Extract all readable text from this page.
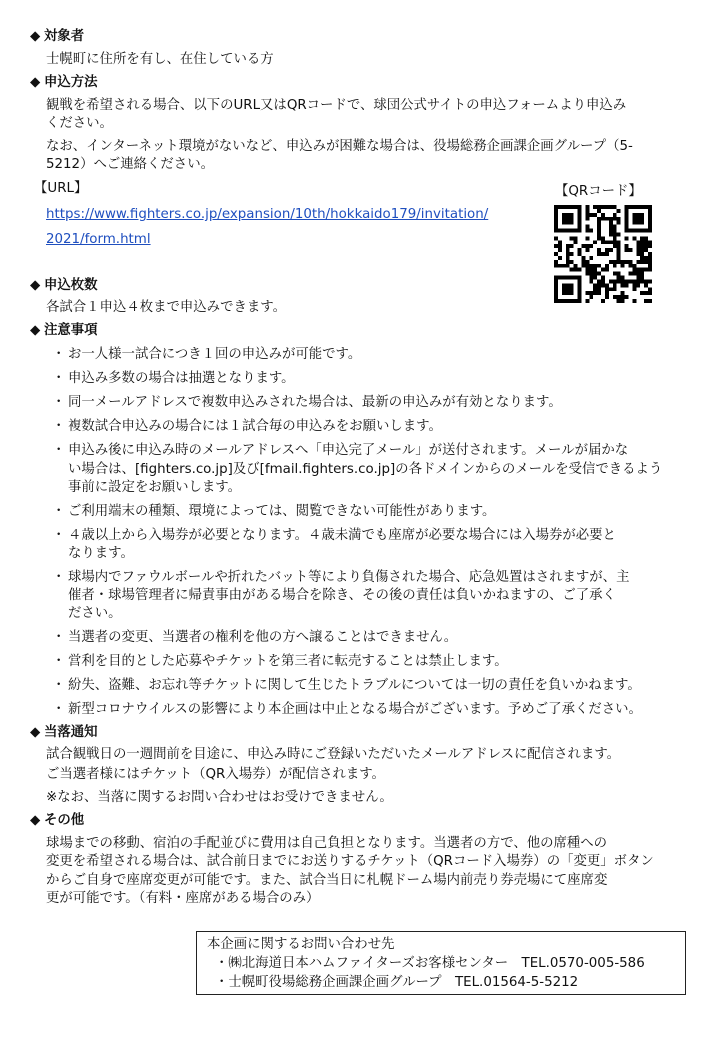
◆ 対象者
士幌町に住所を有し、在住している方
◆ 申込方法
観戦を希望される場合、以下のURL又はQRコードで、球団公式サイトの申込フォームより申込み
ください。
なお、インターネット環境がないなど、申込みが困難な場合は、役場総務企画課企画グループ（5-
5212）へご連絡ください。
【URL】
https://www.fighters.co.jp/expansion/10th/hokkaido179/invitation/
2021/form.html
【QRコード】
◆ 申込枚数
各試合１申込４枚まで申込みできます。
◆ 注意事項
・ お一人様一試合につき１回の申込みが可能です。
・ 申込み多数の場合は抽選となります。
・ 同一メールアドレスで複数申込みされた場合は、最新の申込みが有効となります。
・ 複数試合申込みの場合には１試合毎の申込みをお願いします。
・ 申込み後に申込み時のメールアドレスへ「申込完了メール」が送付されます。メールが届かな
い場合は、[fighters.co.jp]及び[fmail.fighters.co.jp]の各ドメインからのメールを受信できるよう
事前に設定をお願いします。
・ ご利用端末の種類、環境によっては、閲覧できない可能性があります。
・ ４歳以上から入場券が必要となります。４歳未満でも座席が必要な場合には入場券が必要と
なります。
・ 球場内でファウルボールや折れたバット等により負傷された場合、応急処置はされますが、主
催者・球場管理者に帰責事由がある場合を除き、その後の責任は負いかねますの、ご了承く
ださい。
・ 当選者の変更、当選者の権利を他の方へ譲ることはできません。
・ 営利を目的とした応募やチケットを第三者に転売することは禁止します。
・ 紛失、盗難、お忘れ等チケットに関して生じたトラブルについては一切の責任を負いかねます。
・ 新型コロナウイルスの影響により本企画は中止となる場合がございます。予めご了承ください。
◆ 当落通知
試合観戦日の一週間前を目途に、申込み時にご登録いただいたメールアドレスに配信されます。
ご当選者様にはチケット（QR入場券）が配信されます。
※なお、当落に関するお問い合わせはお受けできません。
◆ その他
球場までの移動、宿泊の手配並びに費用は自己負担となります。当選者の方で、他の席種への
変更を希望される場合は、試合前日までにお送りするチケット（QRコード入場券）の「変更」ボタン
からご自身で座席変更が可能です。また、試合当日に札幌ドーム場内前売り券売場にて座席変
更が可能です。（有料・座席がある場合のみ）
本企画に関するお問い合わせ先
・㈱北海道日本ハムファイターズお客様センター　TEL.0570-005-586
・士幌町役場総務企画課企画グループ　TEL.01564-5-5212
